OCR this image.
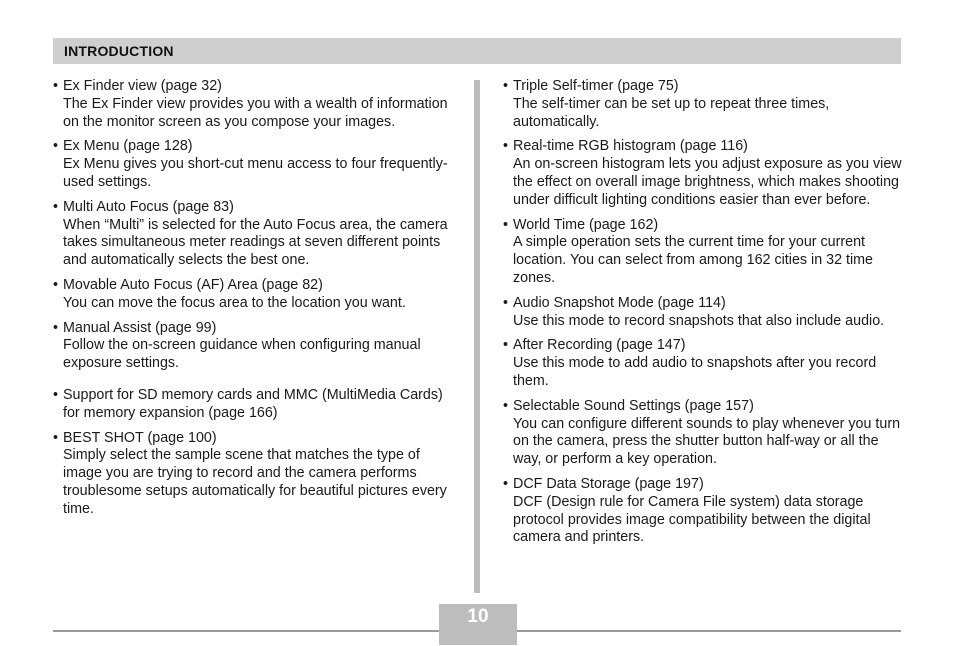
INTRODUCTION
• Ex Finder view (page 32)
The Ex Finder view provides you with a wealth of information on the monitor screen as you compose your images.
• Ex Menu (page 128)
Ex Menu gives you short-cut menu access to four frequently-used settings.
• Multi Auto Focus (page 83)
When “Multi” is selected for the Auto Focus area, the camera takes simultaneous meter readings at seven different points and automatically selects the best one.
• Movable Auto Focus (AF) Area (page 82)
You can move the focus area to the location you want.
• Manual Assist (page 99)
Follow the on-screen guidance when configuring manual exposure settings.
• Support for SD memory cards and MMC (MultiMedia Cards) for memory expansion (page 166)
• BEST SHOT (page 100)
Simply select the sample scene that matches the type of image you are trying to record and the camera performs troublesome setups automatically for beautiful pictures every time.
• Triple Self-timer (page 75)
The self-timer can be set up to repeat three times, automatically.
• Real-time RGB histogram (page 116)
An on-screen histogram lets you adjust exposure as you view the effect on overall image brightness, which makes shooting under difficult lighting conditions easier than ever before.
• World Time (page 162)
A simple operation sets the current time for your current location. You can select from among 162 cities in 32 time zones.
• Audio Snapshot Mode (page 114)
Use this mode to record snapshots that also include audio.
• After Recording (page 147)
Use this mode to add audio to snapshots after you record them.
• Selectable Sound Settings (page 157)
You can configure different sounds to play whenever you turn on the camera, press the shutter button half-way or all the way, or perform a key operation.
• DCF Data Storage (page 197)
DCF (Design rule for Camera File system) data storage protocol provides image compatibility between the digital camera and printers.
10
